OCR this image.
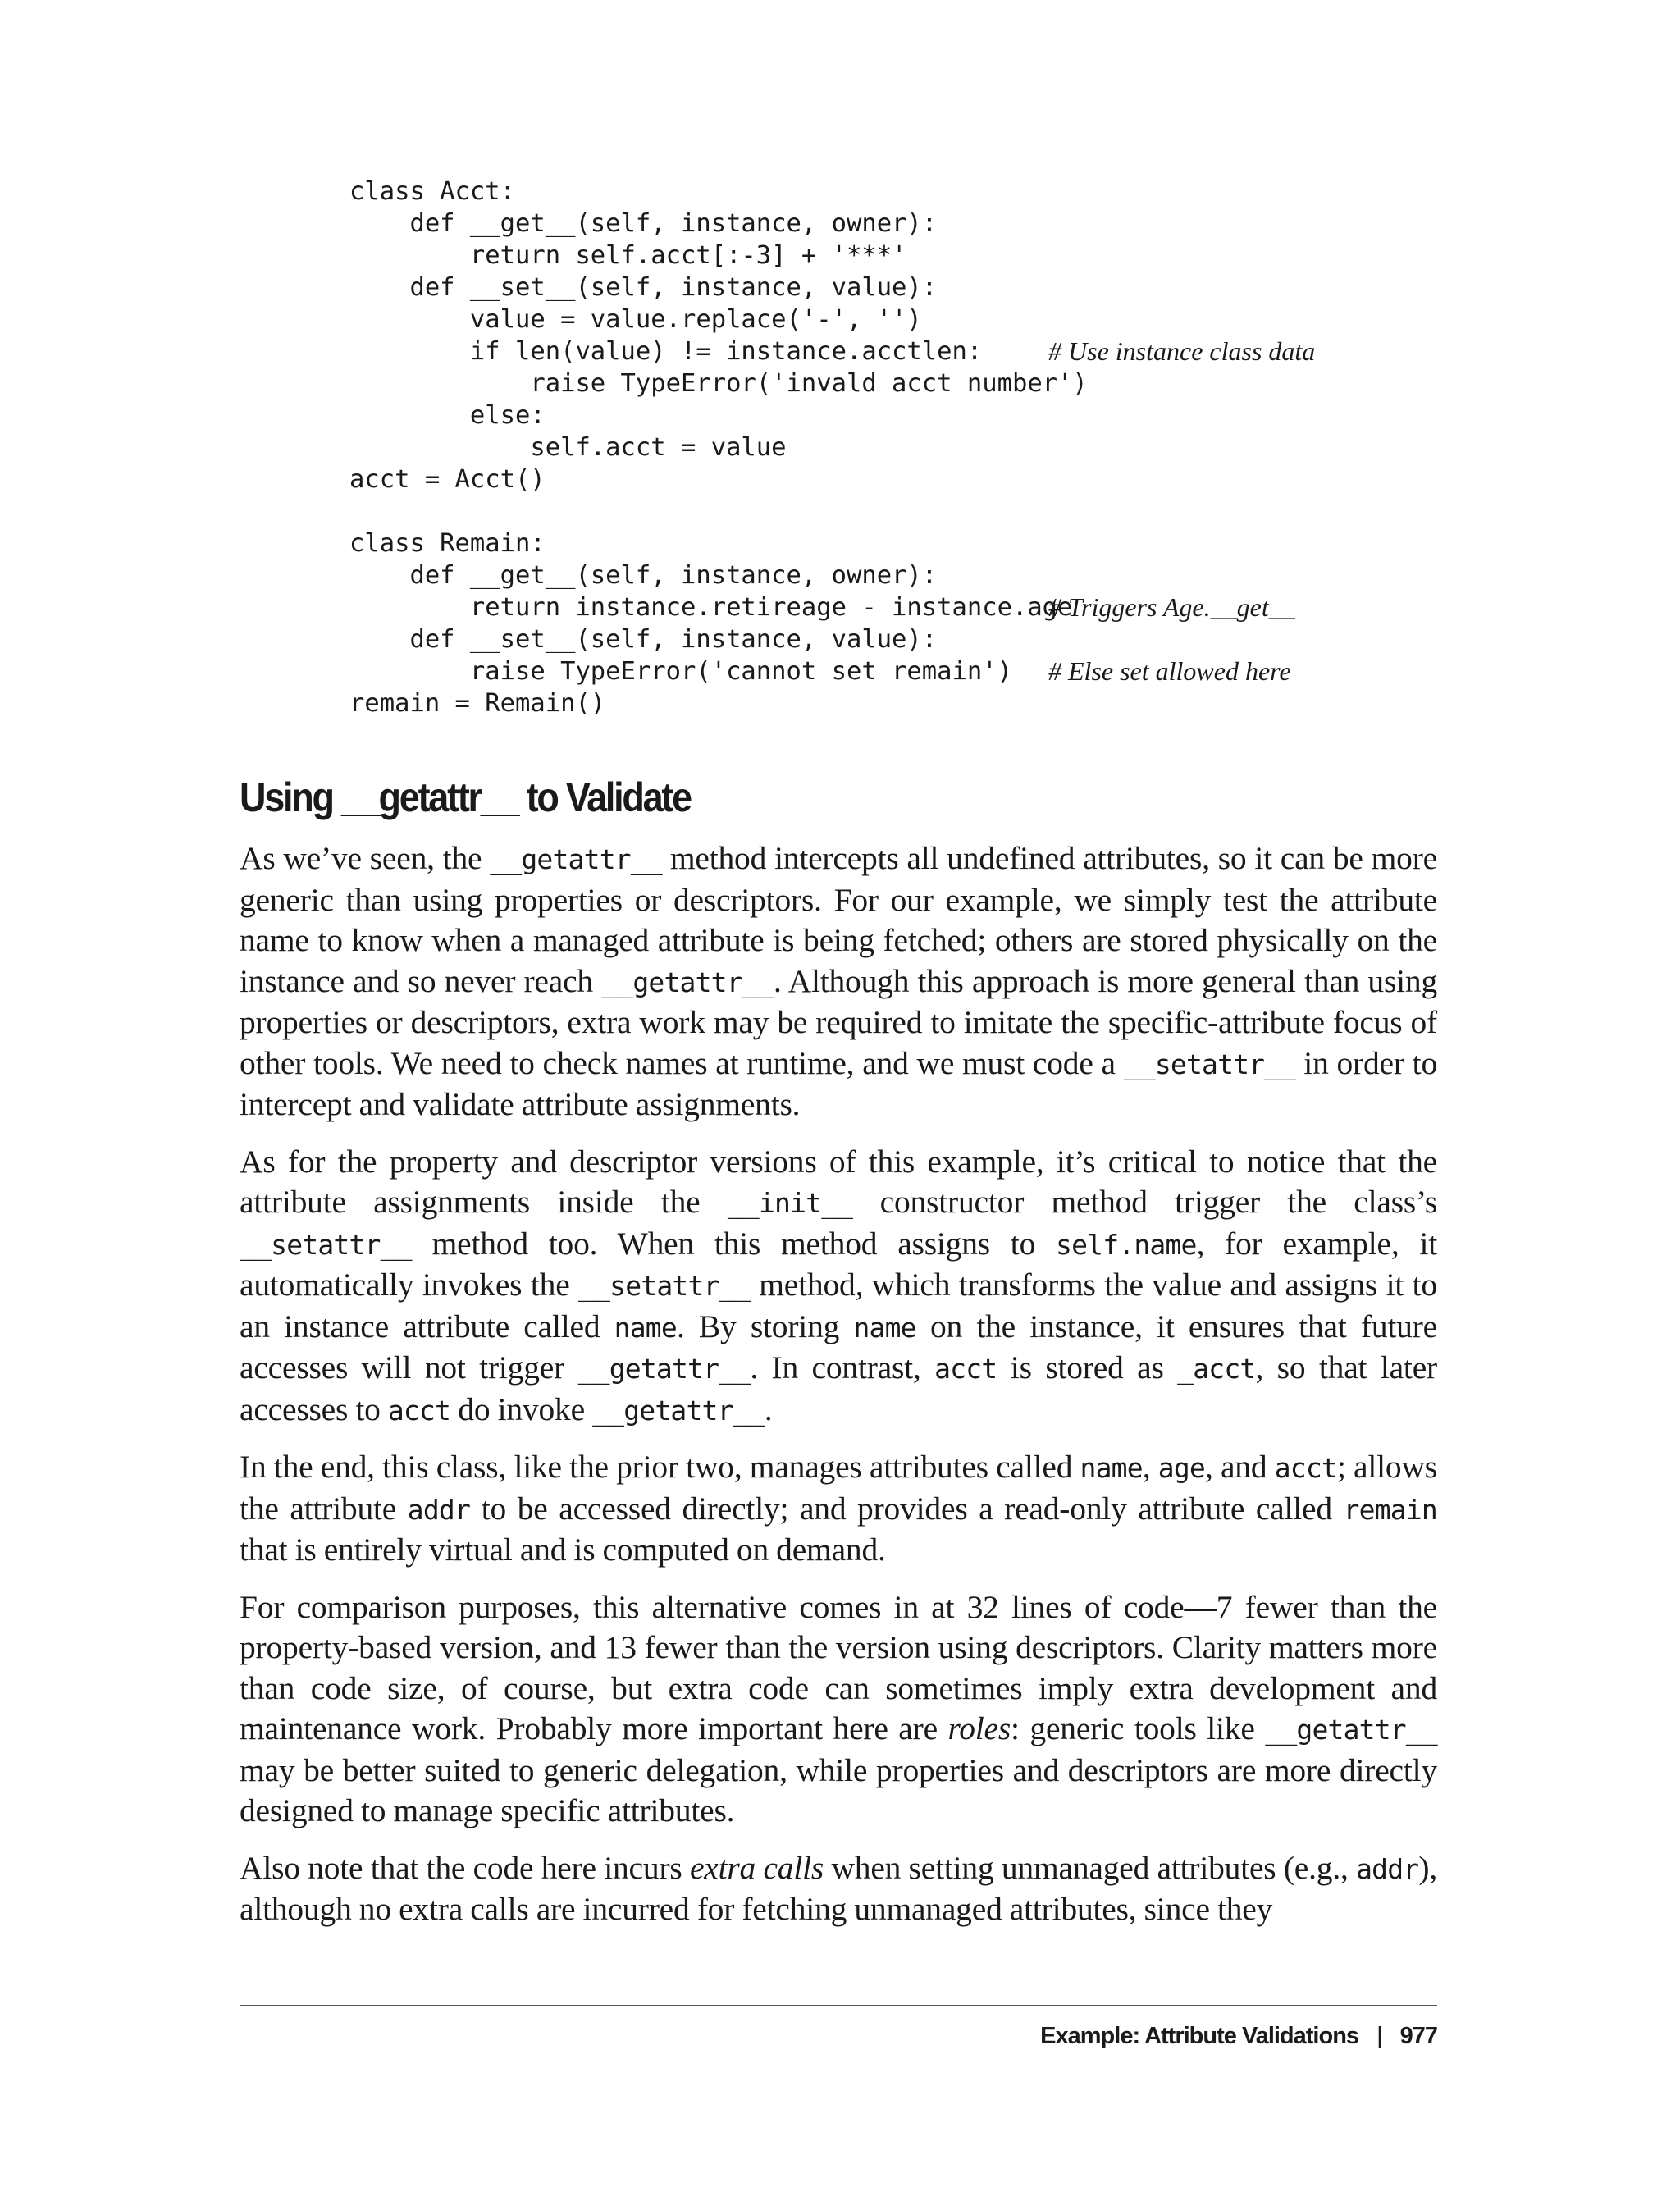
class Acct:
def __get__(self, instance, owner):
return self.acct[:-3] + '***'
def __set__(self, instance, value):
value = value.replace('-', '')
if len(value) != instance.acctlen:	# Use instance class data
raise TypeError('invald acct number')
else:
self.acct = value
acct = Acct()
class Remain:
def __get__(self, instance, owner):
return instance.retireage - instance.age
# Triggers Age.__get__
def __set__(self, instance, value):
raise TypeError('cannot set remain') # Else set allowed here
remain = Remain()
Using __getattr__ to Validate

As we’ve seen, the __getattr__ method intercepts all undefined attributes, so it can be more generic than using properties or descriptors. For our example, we simply test the attribute name to know when a managed attribute is being fetched; others are stored physically on the instance and so never reach __getattr__. Although this approach is more general than using properties or descriptors, extra work may be required to imitate the specific-attribute focus of other tools. We need to check names at runtime, and we must code a __setattr__ in order to intercept and validate attribute assignments.

As for the property and descriptor versions of this example, it’s critical to notice that the attribute assignments inside the __init__ constructor method trigger the class’s __setattr__ method too. When this method assigns to self.name, for example, it automatically invokes the __setattr__ method, which transforms the value and assigns it to an instance attribute called name. By storing name on the instance, it ensures that future accesses will not trigger __getattr__. In contrast, acct is stored as _acct, so that later accesses to acct do invoke __getattr__.

In the end, this class, like the prior two, manages attributes called name, age, and acct; allows the attribute addr to be accessed directly; and provides a read-only attribute called remain that is entirely virtual and is computed on demand.

For comparison purposes, this alternative comes in at 32 lines of code—7 fewer than the property-based version, and 13 fewer than the version using descriptors. Clarity matters more than code size, of course, but extra code can sometimes imply extra development and maintenance work. Probably more important here are roles: generic tools like __getattr__ may be better suited to generic delegation, while properties and descriptors are more directly designed to manage specific attributes.

Also note that the code here incurs extra calls when setting unmanaged attributes (e.g., addr), although no extra calls are incurred for fetching unmanaged attributes, since they

Example: Attribute Validations | 977
